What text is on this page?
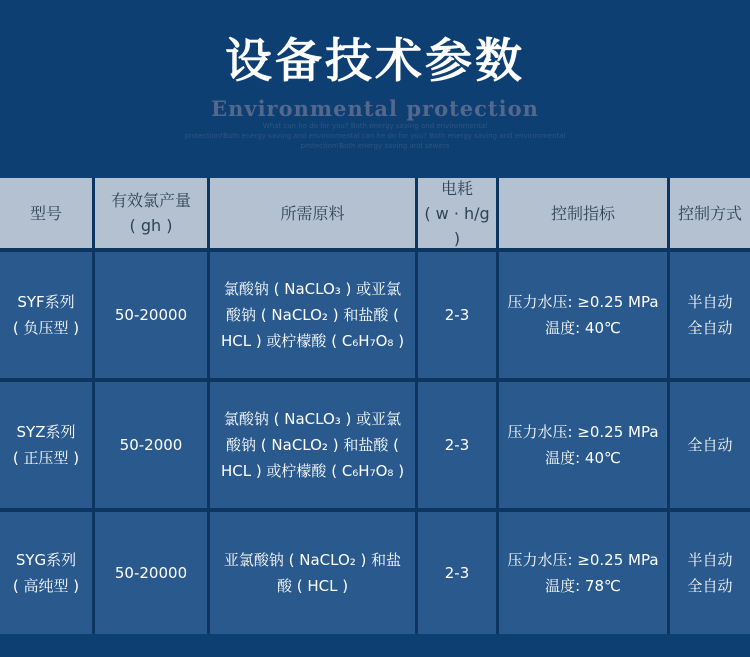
设备技术参数
Environmental protection
What can he do for you? Both energy saving and environmental
protection!Both energy saving and environmental can he do for you? Both energy saving and environmental
protection!Both energy saving and sewers
型号
有效氯产量
( gh )
所需原料
电耗
( w · h/g )
控制指标	控制方式
SYF系列
( 负压型 )
50-20000
氯酸钠 ( NaCLO₃ ) 或亚氯酸钠 ( NaCLO₂ ) 和盐酸 ( HCL ) 或柠檬酸 ( C₆H₇O₈ )
2-3
压力水压: ≥0.25 MPa
温度: 40℃
半自动
全自动
SYZ系列
( 正压型 )
50-2000
氯酸钠 ( NaCLO₃ ) 或亚氯酸钠 ( NaCLO₂ ) 和盐酸 ( HCL ) 或柠檬酸 ( C₆H₇O₈ )
2-3
压力水压: ≥0.25 MPa
温度: 40℃
全自动
SYG系列
( 高纯型 )
50-20000
亚氯酸钠 ( NaCLO₂ ) 和盐酸 ( HCL )
2-3
压力水压: ≥0.25 MPa
温度: 78℃
半自动
全自动
